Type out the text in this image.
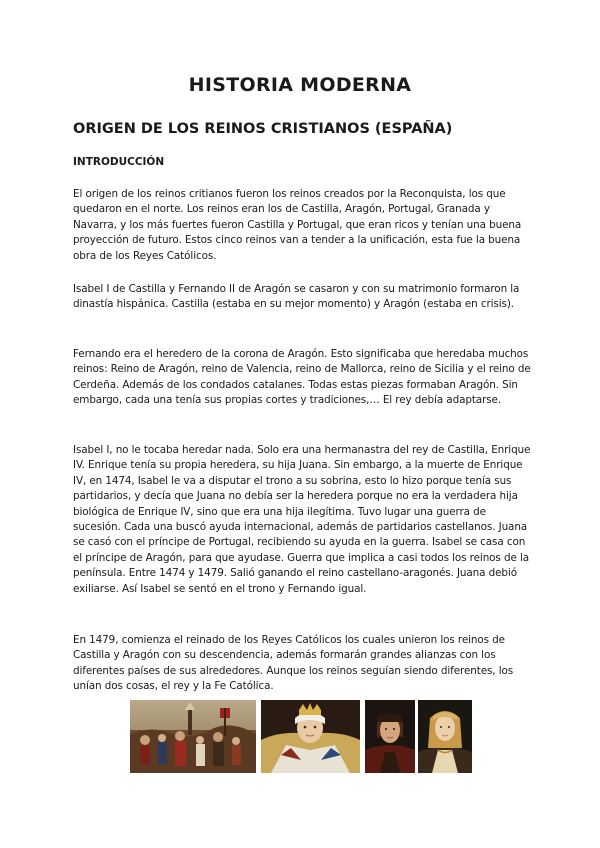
HISTORIA MODERNA
ORIGEN DE LOS REINOS CRISTIANOS (ESPAÑA)
INTRODUCCIÓN

El origen de los reinos critianos fueron los reinos creados por la Reconquista, los que quedaron en el norte. Los reinos eran los de Castilla, Aragón, Portugal, Granada y Navarra, y los más fuertes fueron Castilla y Portugal, que eran ricos y tenían una buena proyección de futuro. Estos cinco reinos van a tender a la unificación, esta fue la buena obra de los Reyes Católicos.

Isabel I de Castilla y Fernando II de Aragón se casaron y con su matrimonio formaron la dinastía hispánica. Castilla (estaba en su mejor momento) y Aragón (estaba en crisis).

Fernando era el heredero de la corona de Aragón. Esto significaba que heredaba muchos reinos: Reino de Aragón, reino de Valencia, reino de Mallorca, reino de Sicilia y el reino de Cerdeña. Además de los condados catalanes. Todas estas piezas formaban Aragón. Sin embargo, cada una tenía sus propias cortes y tradiciones,… El rey debía adaptarse.

Isabel I, no le tocaba heredar nada. Solo era una hermanastra del rey de Castilla, Enrique IV. Enrique tenía su propia heredera, su hija Juana. Sin embargo, a la muerte de Enrique IV, en 1474, Isabel le va a disputar el trono a su sobrina, esto lo hizo porque tenía sus partidarios, y decía que Juana no debía ser la heredera porque no era la verdadera hija biológica de Enrique IV, sino que era una hija ilegítima. Tuvo lugar una guerra de sucesión. Cada una buscó ayuda internacional, además de partidarios castellanos. Juana se casó con el príncipe de Portugal, recibiendo su ayuda en la guerra. Isabel se casa con el príncipe de Aragón, para que ayudase. Guerra que implica a casi todos los reinos de la península. Entre 1474 y 1479. Salió ganando el reino castellano-aragonés. Juana debió exiliarse. Así Isabel se sentó en el trono y Fernando igual.

En 1479, comienza el reinado de los Reyes Católicos los cuales unieron los reinos de Castilla y Aragón con su descendencia, además formarán grandes alianzas con los diferentes países de sus alrededores. Aunque los reinos seguían siendo diferentes, los unían dos cosas, el rey y la Fe Católica.
